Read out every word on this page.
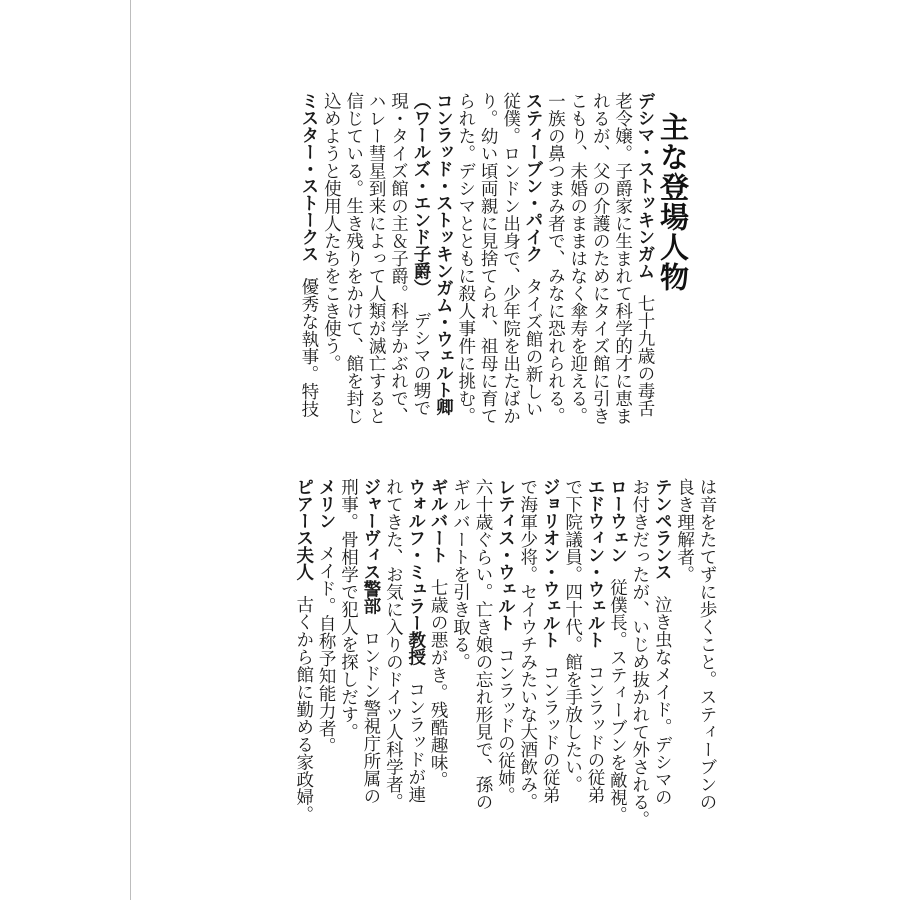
主な登場人物
デシマ・ストッキンガム七十九歳の毒舌
老令嬢。子爵家に生まれて科学的才に恵ま
れるが、父の介護のためにタイズ館に引き
こもり、未婚のままはなく傘寿を迎える。
一族の鼻つまみ者で、みなに恐れられる。
スティーブン・パイクタイズ館の新しい
従僕。ロンドン出身で、少年院を出たばか
り。幼い頃両親に見捨てられ、祖母に育て
られた。デシマとともに殺人事件に挑む。
コンラッド・ストッキンガム・ウェルト卿
（ワールズ・エンド子爵）デシマの甥で
現・タイズ館の主＆子爵。科学かぶれで、
ハレー彗星到来によって人類が滅亡すると
信じている。生き残りをかけて、館を封じ
込めようと使用人たちをこき使う。
ミスター・ストークス優秀な執事。特技
は音をたてずに歩くこと。スティーブンの
良き理解者。
テンペランス泣き虫なメイド。デシマの
お付きだったが、いじめ抜かれて外される。
ローウェン従僕長。スティーブンを敵視。
エドウィン・ウェルトコンラッドの従弟
で下院議員。四十代。館を手放したい。
ジョリオン・ウェルトコンラッドの従弟
で海軍少将。セイウチみたいな大酒飲み。
レティス・ウェルトコンラッドの従姉。
六十歳ぐらい。亡き娘の忘れ形見で、孫の
ギルバートを引き取る。
ギルバート七歳の悪がき。残酷趣味。
ウォルフ・ミュラー教授コンラッドが連
れてきた、お気に入りのドイツ人科学者。
ジャーヴィス警部ロンドン警視庁所属の
刑事。骨相学で犯人を探しだす。
メリンメイド。自称予知能力者。
ピアース夫人古くから館に勤める家政婦。
